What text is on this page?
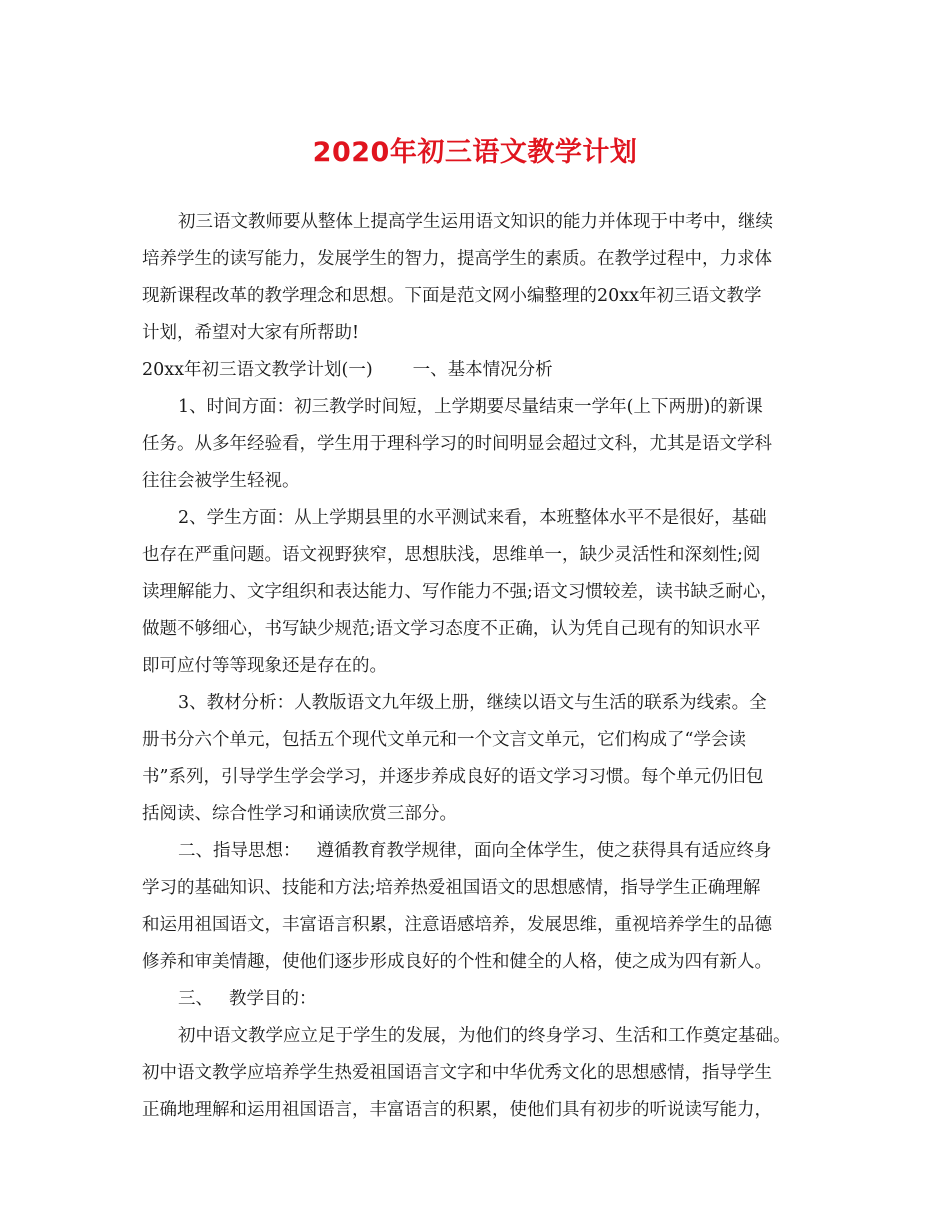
2020年初三语文教学计划
初三语文教师要从整体上提高学生运用语文知识的能力并体现于中考中，继续
培养学生的读写能力，发展学生的智力，提高学生的素质。在教学过程中，力求体
现新课程改革的教学理念和思想。下面是范文网小编整理的20xx年初三语文教学
计划，希望对大家有所帮助!
20xx年初三语文教学计划(一) 一、基本情况分析
1、时间方面：初三教学时间短，上学期要尽量结束一学年(上下两册)的新课
任务。从多年经验看，学生用于理科学习的时间明显会超过文科，尤其是语文学科
往往会被学生轻视。
2、学生方面：从上学期县里的水平测试来看，本班整体水平不是很好，基础
也存在严重问题。语文视野狭窄，思想肤浅，思维单一，缺少灵活性和深刻性;阅
读理解能力、文字组织和表达能力、写作能力不强;语文习惯较差，读书缺乏耐心，
做题不够细心，书写缺少规范;语文学习态度不正确，认为凭自己现有的知识水平
即可应付等等现象还是存在的。
3、教材分析：人教版语文九年级上册，继续以语文与生活的联系为线索。全
册书分六个单元，包括五个现代文单元和一个文言文单元，它们构成了“学会读
书”系列，引导学生学会学习，并逐步养成良好的语文学习习惯。每个单元仍旧包
括阅读、综合性学习和诵读欣赏三部分。
二、指导思想： 遵循教育教学规律，面向全体学生，使之获得具有适应终身
学习的基础知识、技能和方法;培养热爱祖国语文的思想感情，指导学生正确理解
和运用祖国语文，丰富语言积累，注意语感培养，发展思维，重视培养学生的品德
修养和审美情趣，使他们逐步形成良好的个性和健全的人格，使之成为四有新人。
三、 教学目的：
初中语文教学应立足于学生的发展，为他们的终身学习、生活和工作奠定基础。
初中语文教学应培养学生热爱祖国语言文字和中华优秀文化的思想感情，指导学生
正确地理解和运用祖国语言，丰富语言的积累，使他们具有初步的听说读写能力，
